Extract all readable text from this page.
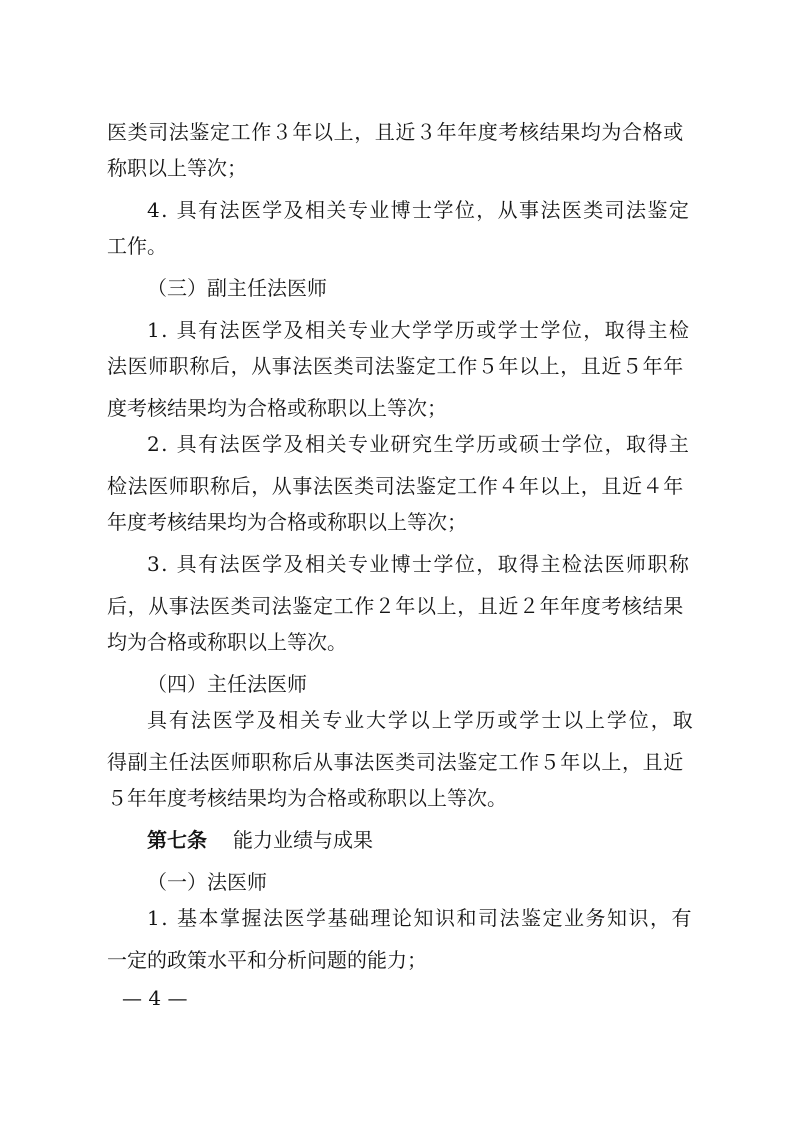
医类司法鉴定工作３年以上，且近３年年度考核结果均为合格或
称职以上等次；
4. 具有法医学及相关专业博士学位，从事法医类司法鉴定
工作。
（三）副主任法医师
1. 具有法医学及相关专业大学学历或学士学位，取得主检
法医师职称后，从事法医类司法鉴定工作５年以上，且近５年年
度考核结果均为合格或称职以上等次；
2. 具有法医学及相关专业研究生学历或硕士学位，取得主
检法医师职称后，从事法医类司法鉴定工作４年以上，且近４年
年度考核结果均为合格或称职以上等次；
3. 具有法医学及相关专业博士学位，取得主检法医师职称
后，从事法医类司法鉴定工作２年以上，且近２年年度考核结果
均为合格或称职以上等次。
（四）主任法医师
具有法医学及相关专业大学以上学历或学士以上学位，取
得副主任法医师职称后从事法医类司法鉴定工作５年以上，且近
５年年度考核结果均为合格或称职以上等次。
第七条 能力业绩与成果
（一）法医师
1. 基本掌握法医学基础理论知识和司法鉴定业务知识，有
一定的政策水平和分析问题的能力；
— 4 —
